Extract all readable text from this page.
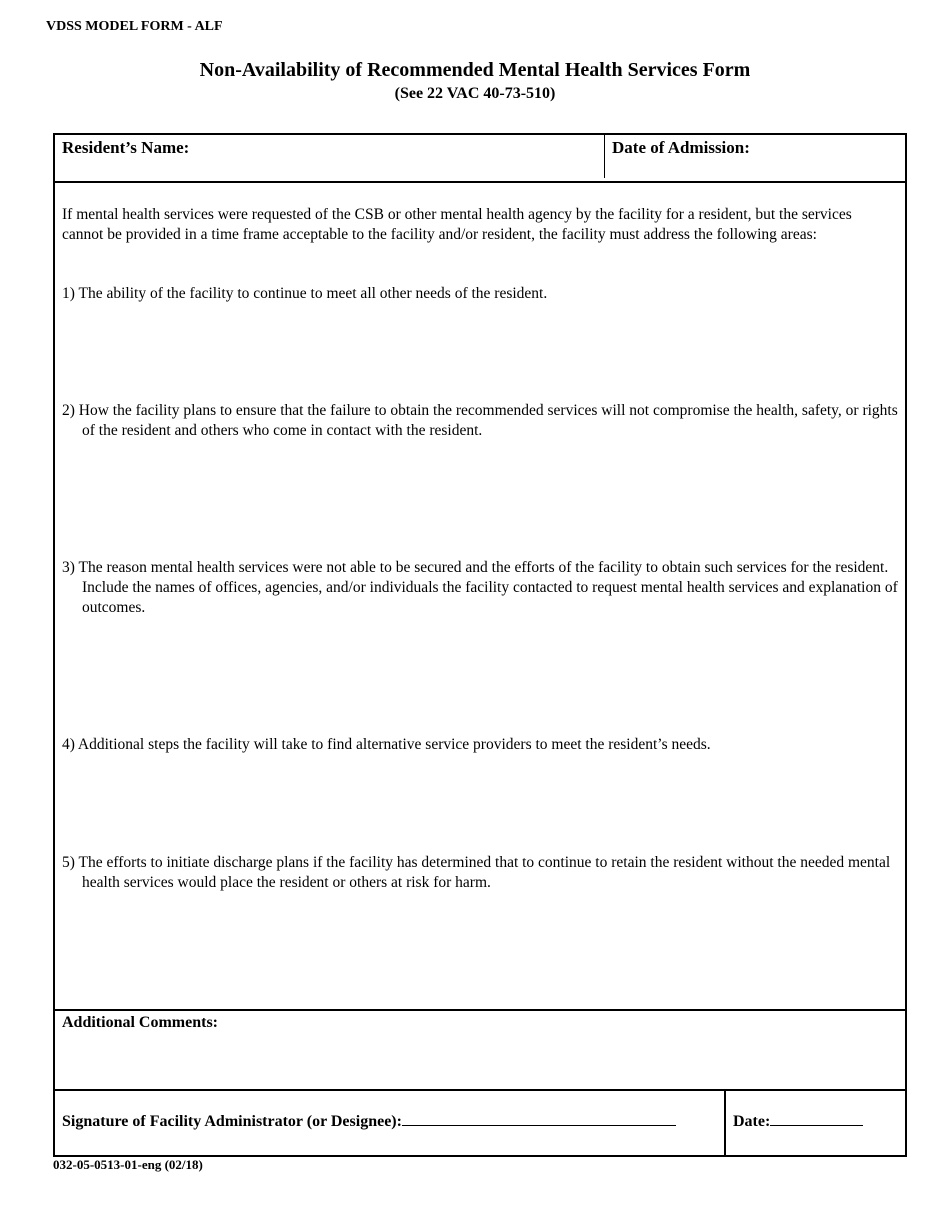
VDSS MODEL FORM - ALF
Non-Availability of Recommended Mental Health Services Form
(See 22 VAC 40-73-510)
Resident’s Name:	Date of Admission:
If mental health services were requested of the CSB or other mental health agency by the facility for a resident, but the services cannot be provided in a time frame acceptable to the facility and/or resident, the facility must address the following areas:
1) The ability of the facility to continue to meet all other needs of the resident.
2) How the facility plans to ensure that the failure to obtain the recommended services will not compromise the health, safety, or rights of the resident and others who come in contact with the resident.
3) The reason mental health services were not able to be secured and the efforts of the facility to obtain such services for the resident. Include the names of offices, agencies, and/or individuals the facility contacted to request mental health services and explanation of outcomes.
4) Additional steps the facility will take to find alternative service providers to meet the resident’s needs.
5) The efforts to initiate discharge plans if the facility has determined that to continue to retain the resident without the needed mental health services would place the resident or others at risk for harm.
Additional Comments:
Signature of Facility Administrator (or Designee):	Date:
032-05-0513-01-eng (02/18)
